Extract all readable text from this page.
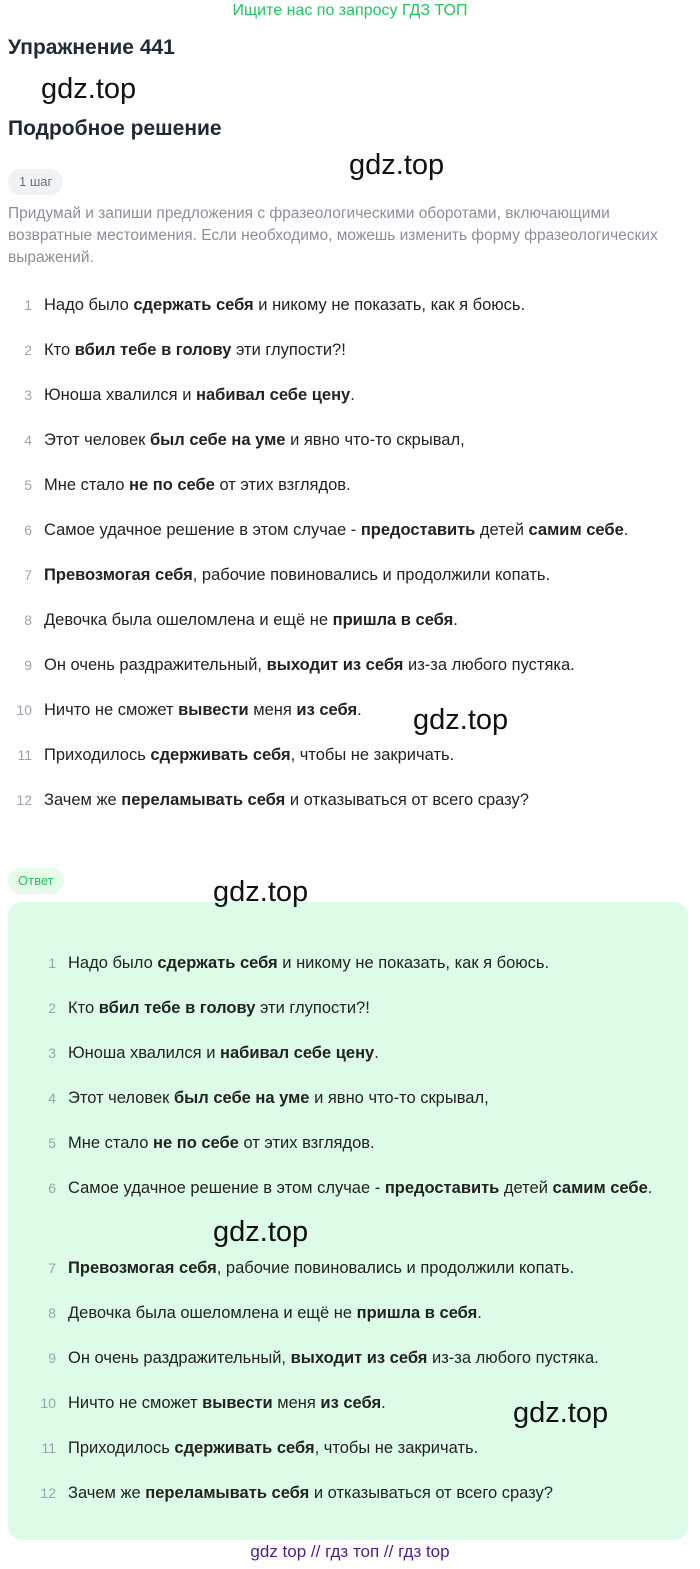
Ищите нас по запросу ГДЗ ТОП
Упражнение 441
gdz.top
Подробное решение
gdz.top
1 шаг
Придумай и запиши предложения с фразеологическими оборотами, включающими возвратные местоимения. Если необходимо, можешь изменить форму фразеологических выражений.
1 Надо было сдержать себя и никому не показать, как я боюсь.
2 Кто вбил тебе в голову эти глупости?!
3 Юноша хвалился и набивал себе цену.
4 Этот человек был себе на уме и явно что-то скрывал,
5 Мне стало не по себе от этих взглядов.
6 Самое удачное решение в этом случае - предоставить детей самим себе.
7 Превозмогая себя, рабочие повиновались и продолжили копать.
8 Девочка была ошеломлена и ещё не пришла в себя.
9 Он очень раздражительный, выходит из себя из-за любого пустяка.
10 Ничто не сможет вывести меня из себя.
11 Приходилось сдерживать себя, чтобы не закричать.
12 Зачем же переламывать себя и отказываться от всего сразу?
gdz.top
Ответ
1 Надо было сдержать себя и никому не показать, как я боюсь.
2 Кто вбил тебе в голову эти глупости?!
3 Юноша хвалился и набивал себе цену.
4 Этот человек был себе на уме и явно что-то скрывал,
5 Мне стало не по себе от этих взглядов.
6 Самое удачное решение в этом случае - предоставить детей самим себе.
7 Превозмогая себя, рабочие повиновались и продолжили копать.
8 Девочка была ошеломлена и ещё не пришла в себя.
9 Он очень раздражительный, выходит из себя из-за любого пустяка.
10 Ничто не сможет вывести меня из себя.
11 Приходилось сдерживать себя, чтобы не закричать.
12 Зачем же переламывать себя и отказываться от всего сразу?
gdz.top
gdz.top
gdz.top
gdz top // гдз топ // гдз top
